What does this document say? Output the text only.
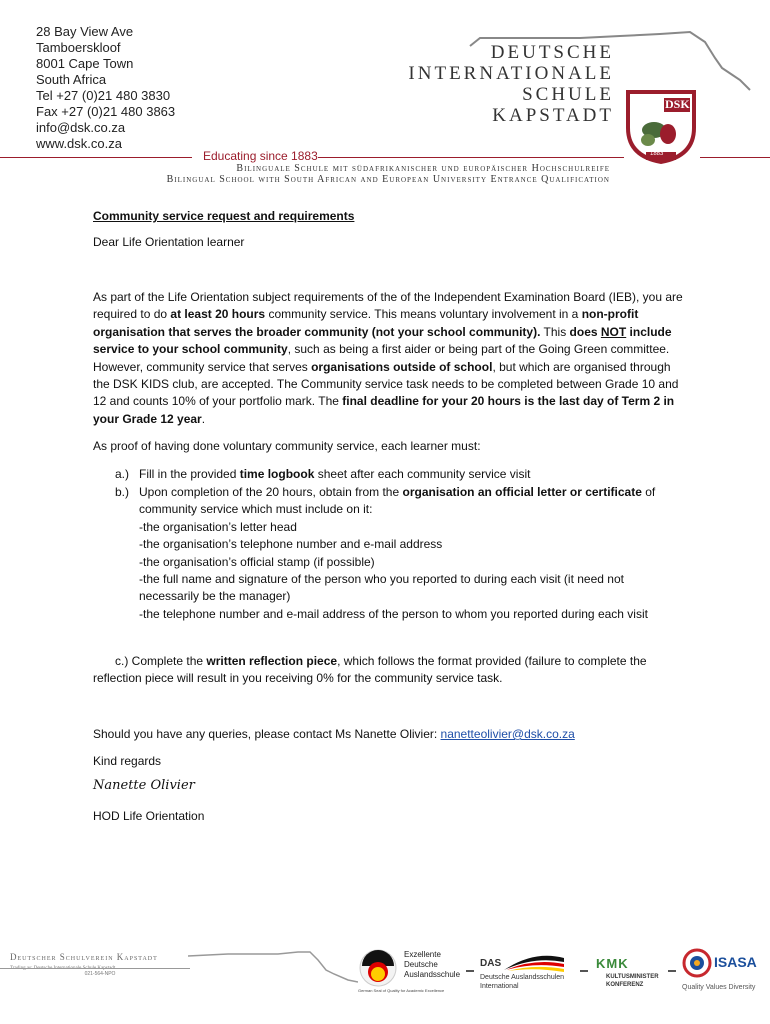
28 Bay View Ave
Tamboerskloof
8001 Cape Town
South Africa
Tel +27 (0)21 480 3830
Fax +27 (0)21 480 3863
info@dsk.co.za
www.dsk.co.za
DEUTSCHE
INTERNATIONALE
SCHULE
KAPSTADT
DSK
1883
Educating since 1883
Bilinguale Schule mit südafrikanischer und europäischer Hochschulreife
Bilingual School with South African and European University Entrance Qualification
Community service request and requirements
Dear Life Orientation learner
As part of the Life Orientation subject requirements of the of the Independent Examination Board (IEB), you are required to do at least 20 hours community service. This means voluntary involvement in a non-profit organisation that serves the broader community (not your school community). This does NOT include service to your school community, such as being a first aider or being part of the Going Green committee. However, community service that serves organisations outside of school, but which are organised through the DSK KIDS club, are accepted. The Community service task needs to be completed between Grade 10 and 12 and counts 10% of your portfolio mark. The final deadline for your 20 hours is the last day of Term 2 in your Grade 12 year.
As proof of having done voluntary community service, each learner must:
a.) Fill in the provided time logbook sheet after each community service visit
b.) Upon completion of the 20 hours, obtain from the organisation an official letter or certificate of community service which must include on it:
-the organisation’s letter head
-the organisation’s telephone number and e-mail address
-the organisation’s official stamp (if possible)
-the full name and signature of the person who you reported to during each visit (it need not necessarily be the manager)
-the telephone number and e-mail address of the person to whom you reported during each visit
c.) Complete the written reflection piece, which follows the format provided (failure to complete the reflection piece will result in you receiving 0% for the community service task.
Should you have any queries, please contact Ms Nanette Olivier: nanetteolivier@dsk.co.za
Kind regards
Nanette Olivier
HOD Life Orientation
Deutscher Schulverein Kapstadt
021-564-NPO
Exzellente
Deutsche
Auslandsschule
German Seal of Quality for Academic Excellence
DAS
Deutsche Auslandsschulen
International
KMK
KULTUSMINISTER
KONFERENZ
ISASA
Quality Values Diversity
